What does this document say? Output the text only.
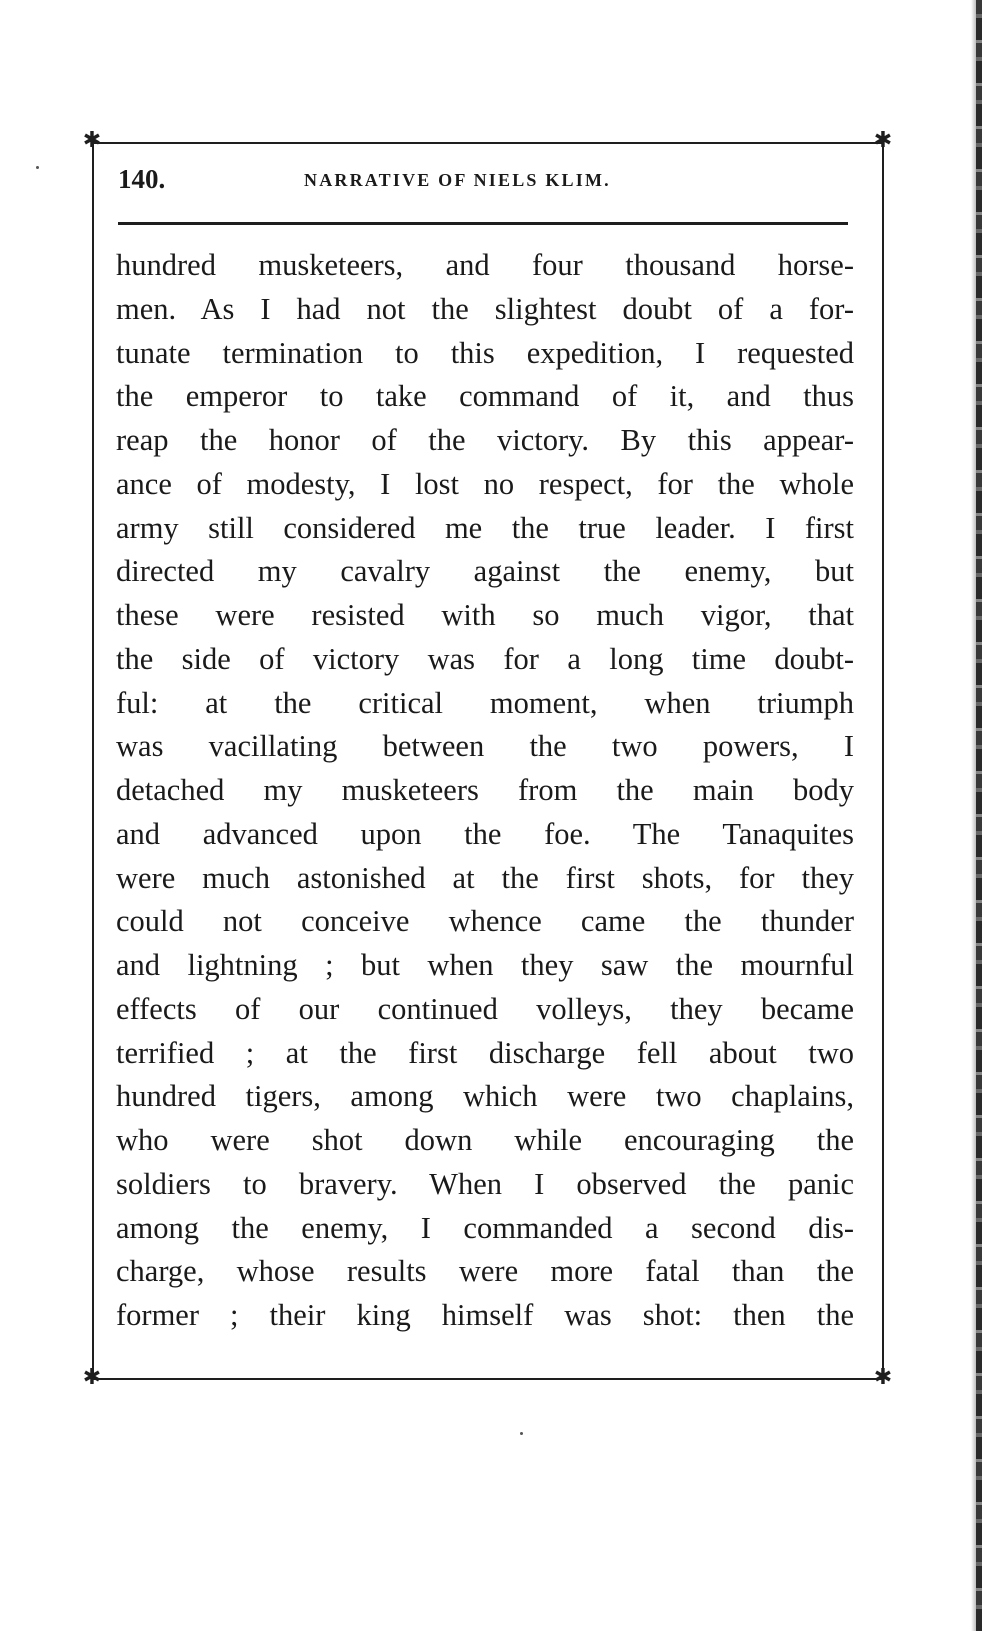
✱	✱
✱	✱
140.	NARRATIVE OF NIELS KLIM.
hundred musketeers, and four thousand horse-
men. As I had not the slightest doubt of a for-
tunate termination to this expedition, I requested
the emperor to take command of it, and thus
reap the honor of the victory. By this appear-
ance of modesty, I lost no respect, for the whole
army still considered me the true leader. I first
directed my cavalry against the enemy, but
these were resisted with so much vigor, that
the side of victory was for a long time doubt-
ful: at the critical moment, when triumph
was vacillating between the two powers, I
detached my musketeers from the main body
and advanced upon the foe. The Tanaquites
were much astonished at the first shots, for they
could not conceive whence came the thunder
and lightning ; but when they saw the mournful
effects of our continued volleys, they became
terrified ; at the first discharge fell about two
hundred tigers, among which were two chaplains,
who were shot down while encouraging the
soldiers to bravery. When I observed the panic
among the enemy, I commanded a second dis-
charge, whose results were more fatal than the
former ; their king himself was shot: then the
